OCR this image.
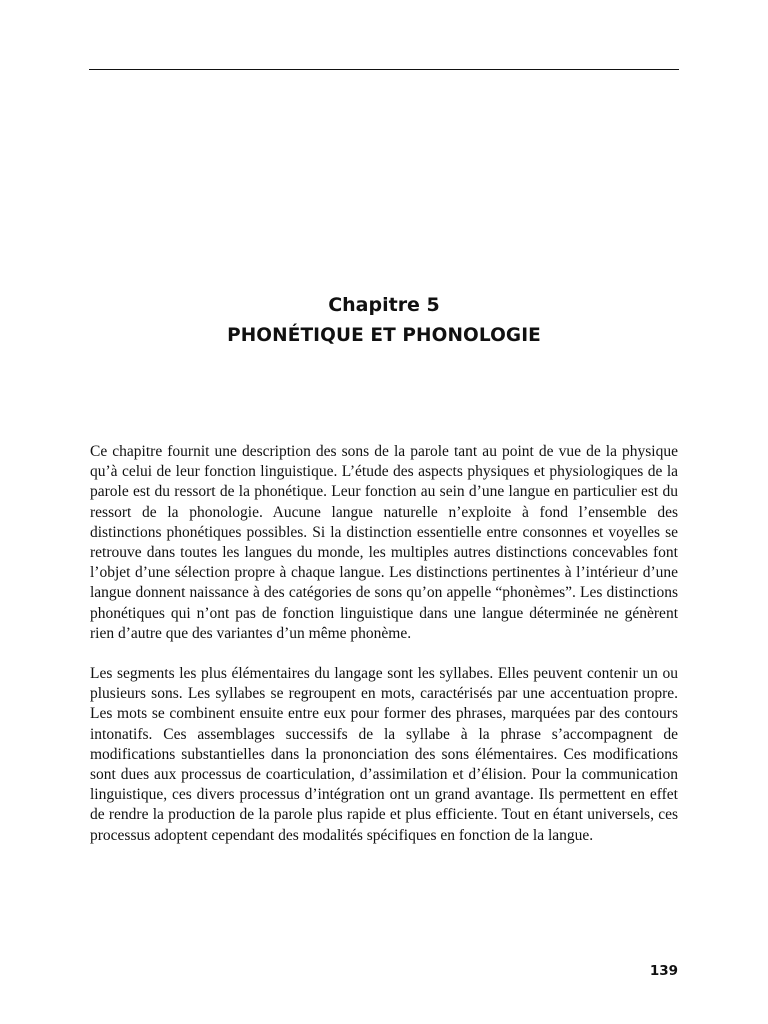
Chapitre 5
PHONÉTIQUE ET PHONOLOGIE

Ce chapitre fournit une description des sons de la parole tant au point de vue de la physique qu’à celui de leur fonction linguistique. L’étude des aspects physiques et physiologiques de la parole est du ressort de la phonétique. Leur fonction au sein d’une langue en particulier est du ressort de la phonologie. Aucune langue naturelle n’exploite à fond l’ensemble des distinctions phonétiques possibles. Si la distinction essentielle entre consonnes et voyelles se retrouve dans toutes les langues du monde, les multiples autres distinctions concevables font l’objet d’une sélection propre à chaque langue. Les distinctions pertinentes à l’intérieur d’une langue donnent naissance à des catégories de sons qu’on appelle “phonèmes”. Les distinctions phonétiques qui n’ont pas de fonction linguistique dans une langue déterminée ne génèrent rien d’autre que des variantes d’un même phonème.

Les segments les plus élémentaires du langage sont les syllabes. Elles peuvent contenir un ou plusieurs sons. Les syllabes se regroupent en mots, caractérisés par une accentuation propre. Les mots se combinent ensuite entre eux pour former des phrases, marquées par des contours intonatifs. Ces assemblages successifs de la syllabe à la phrase s’accompagnent de modifications substantielles dans la prononciation des sons élémentaires. Ces modifications sont dues aux processus de coarticulation, d’assimilation et d’élision. Pour la communication linguistique, ces divers processus d’intégration ont un grand avantage. Ils permettent en effet de rendre la production de la parole plus rapide et plus efficiente. Tout en étant universels, ces processus adoptent cependant des modalités spécifiques en fonction de la langue.

139
